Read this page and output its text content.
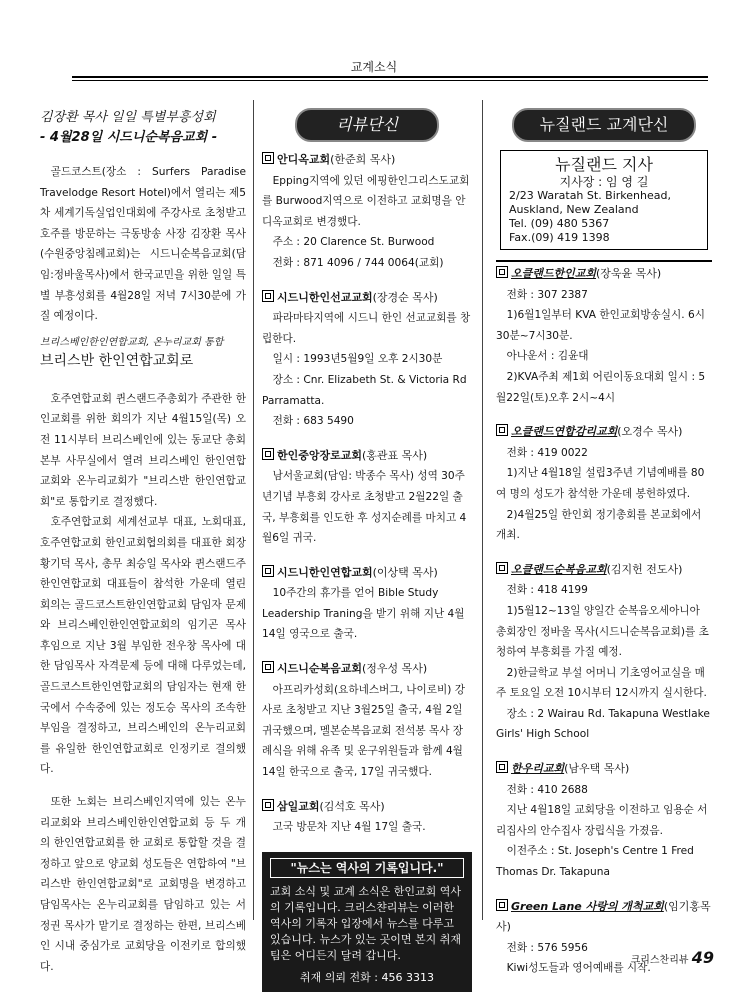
교계소식

김장환 목사 일일 특별부흥성회

- 4월28일 시드니순복음교회 -

골드코스트(장소 : Surfers Paradise Travelodge Resort Hotel)에서 열리는 제5차 세계기독실업인대회에 주강사로 초청받고 호주를 방문하는 극동방송 사장 김장환 목사(수원중앙침례교회)는 시드니순복음교회(담임:정바울목사)에서 한국교민을 위한 일일 특별 부흥성회를 4월28일 저녁 7시30분에 가질 예정이다.

브리스베인한인연합교회, 온누리교회 통합

브리스반 한인연합교회로

호주연합교회 퀸스랜드주총회가 주관한 한인교회를 위한 회의가 지난 4월15일(목) 오전 11시부터 브리스베인에 있는 동교단 총회본부 사무실에서 열려 브리스베인 한인연합교회와 온누리교회가 "브리스반 한인연합교회"로 통합키로 결정했다.

호주연합교회 세계선교부 대표, 노회대표, 호주연합교회 한인교회협의회를 대표한 회장 황기덕 목사, 총무 최승일 목사와 퀸스랜드주 한인연합교회 대표들이 참석한 가운데 열린 회의는 골드코스트한인연합교회 담임자 문제와 브리스베인한인연합교회의 임기곤 목사 후임으로 지난 3월 부임한 전우창 목사에 대한 담임목사 자격문제 등에 대해 다루었는데, 골드코스트한인연합교회의 담임자는 현재 한국에서 수속중에 있는 정도승 목사의 조속한 부임을 결정하고, 브리스베인의 온누리교회를 유일한 한인연합교회로 인정키로 결의했다.

또한 노회는 브리스베인지역에 있는 온누리교회와 브리스베인한인연합교회 등 두 개의 한인연합교회를 한 교회로 통합할 것을 결정하고 앞으로 양교회 성도들은 연합하여 "브리스반 한인연합교회"로 교회명을 변경하고 담임목사는 온누리교회를 담임하고 있는 서정권 목사가 맡기로 결정하는 한편, 브리스베인 시내 중심가로 교회당을 이전키로 합의했다.

리뷰단신
안디옥교회(한준희 목사)
Epping지역에 있던 에핑한인그리스도교회를 Burwood지역으로 이전하고 교회명을 안디옥교회로 변경했다.
주소 : 20 Clarence St. Burwood
전화 : 871 4096 / 744 0064(교회)
시드니한인선교교회(장경순 목사)
파라마타지역에 시드니 한인 선교교회를 창립한다.
일시 : 1993년5월9일 오후 2시30분
장소 : Cnr. Elizabeth St. & Victoria Rd Parramatta.
전화 : 683 5490
한인중앙장로교회(홍관표 목사)
남서울교회(담임: 박종수 목사) 성역 30주년기념 부흥회 강사로 초청받고 2월22일 출국, 부흥회를 인도한 후 성지순례를 마치고 4월6일 귀국.
시드니한인연합교회(이상택 목사)
10주간의 휴가를 얻어 Bible Study Leadership Traning을 받기 위해 지난 4월14일 영국으로 출국.
시드니순복음교회(정우성 목사)
아프리카성회(요하네스버그, 나이로비) 강사로 초청받고 지난 3월25일 출국, 4월 2일 귀국했으며, 멜본순복음교회 전석봉 목사 장례식을 위해 유족 및 운구위원들과 함께 4월14일 한국으로 출국, 17일 귀국했다.
삼일교회(김석호 목사)
고국 방문차 지난 4월 17일 출국.
"뉴스는 역사의 기록입니다."
교회 소식 및 교계 소식은 한인교회 역사의 기록입니다. 크리스챤리뷰는 이러한 역사의 기록자 입장에서 뉴스를 다루고 있습니다. 뉴스가 있는 곳이면 본지 취재팀은 어디든지 달려 갑니다.
취재 의뢰 전화 : 456 3313
뉴질랜드 교계단신
뉴질랜드 지사
지사장 : 임 영 길
2/23 Waratah St. Birkenhead,
Auskland, New Zealand
Tel. (09) 480 5367
Fax.(09) 419 1398
오클랜드한인교회(장욱윤 목사)
전화 : 307 2387
1)6월1일부터 KVA 한인교회방송실시. 6시30분~7시30분.
아나운서 : 김윤대
2)KVA주최 제1회 어린이동요대회 일시 : 5월22일(토)오후 2시~4시
오클랜드연합감리교회(오경수 목사)
전화 : 419 0022
1)지난 4월18일 설립3주년 기념예배를 80여 명의 성도가 참석한 가운데 봉헌하였다.
2)4월25일 한인회 정기총회를 본교회에서 개최.
오클랜드순복음교회(김지헌 전도사)
전화 : 418 4199
1)5월12~13일 양일간 순복음오세아니아 총회장인 정바울 목사(시드니순복음교회)를 초청하여 부흥회를 가질 예정.
2)한글학교 부설 어머니 기초영어교실을 매주 토요일 오전 10시부터 12시까지 실시한다.
장소 : 2 Wairau Rd. Takapuna Westlake Girls' High School
한우리교회(남우택 목사)
전화 : 410 2688
지난 4월18일 교회당을 이전하고 임용순 서리집사의 안수집사 장립식을 가졌음.
이전주소 : St. Joseph's Centre 1 Fred Thomas Dr. Takapuna
Green Lane 사랑의 개척교회(임기홍목사)
전화 : 576 5956
Kiwi성도들과 영어예배를 시작.
크리스찬리뷰 49
